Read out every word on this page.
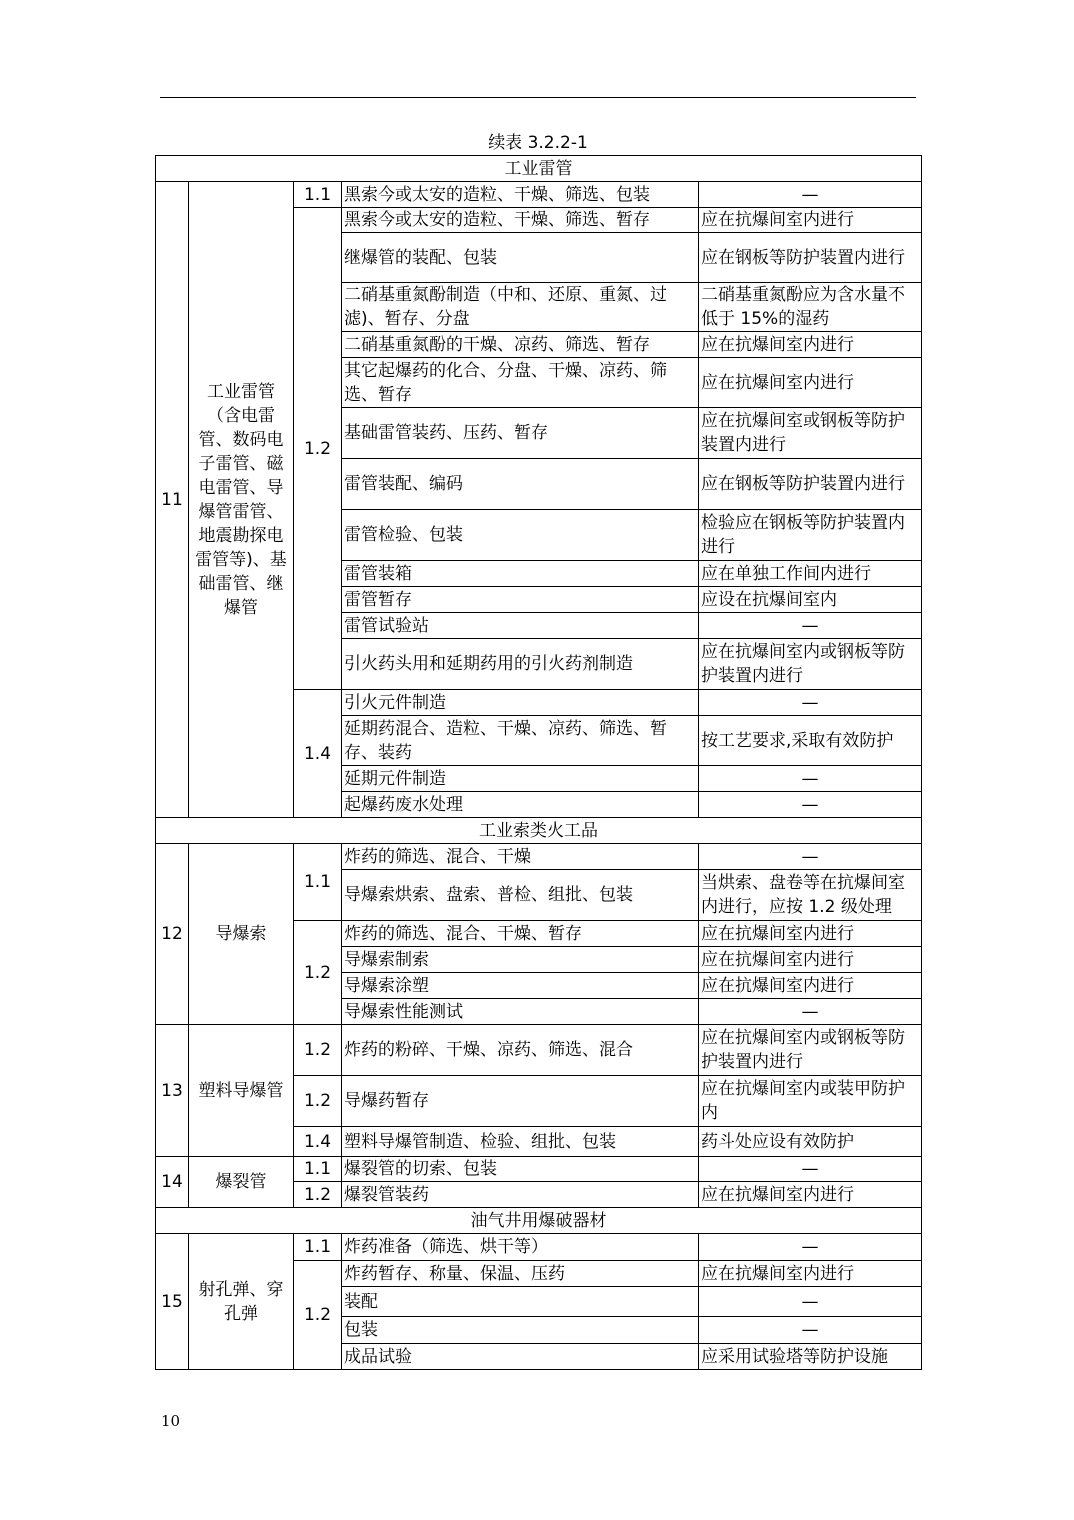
续表 3.2.2-1
工业雷管				
11	工业雷管（含电雷管、数码电子雷管、磁电雷管、导爆管雷管、地震勘探电雷管等)、基础雷管、继爆管	1.1	黑索今或太安的造粒、干燥、筛选、包装	—
		1.2	黑索今或太安的造粒、干燥、筛选、暂存	应在抗爆间室内进行
			继爆管的装配、包装	应在钢板等防护装置内进行
			二硝基重氮酚制造（中和、还原、重氮、过滤)、暂存、分盘	二硝基重氮酚应为含水量不低于 15%的湿药
			二硝基重氮酚的干燥、凉药、筛选、暂存	应在抗爆间室内进行
			其它起爆药的化合、分盘、干燥、凉药、筛选、暂存	应在抗爆间室内进行
			基础雷管装药、压药、暂存	应在抗爆间室或钢板等防护装置内进行
			雷管装配、编码	应在钢板等防护装置内进行
			雷管检验、包装	检验应在钢板等防护装置内进行
			雷管装箱	应在单独工作间内进行
			雷管暂存	应设在抗爆间室内
			雷管试验站	—
			引火药头用和延期药用的引火药剂制造	应在抗爆间室内或钢板等防护装置内进行
		1.4	引火元件制造	—
			延期药混合、造粒、干燥、凉药、筛选、暂存、装药	按工艺要求,采取有效防护
			延期元件制造	—
			起爆药废水处理	—
工业索类火工品				
12	导爆索	1.1	炸药的筛选、混合、干燥	—
			导爆索烘索、盘索、普检、组批、包装	当烘索、盘卷等在抗爆间室内进行，应按 1.2 级处理
		1.2	炸药的筛选、混合、干燥、暂存	应在抗爆间室内进行
			导爆索制索	应在抗爆间室内进行
			导爆索涂塑	应在抗爆间室内进行
			导爆索性能测试	—
13	塑料导爆管	1.2	炸药的粉碎、干燥、凉药、筛选、混合	应在抗爆间室内或钢板等防护装置内进行
		1.2	导爆药暂存	应在抗爆间室内或装甲防护内
		1.4	塑料导爆管制造、检验、组批、包装	药斗处应设有效防护
14	爆裂管	1.1	爆裂管的切索、包装	—
		1.2	爆裂管装药	应在抗爆间室内进行
油气井用爆破器材				
15	射孔弹、穿孔弹	1.1	炸药准备（筛选、烘干等）	—
		1.2	炸药暂存、称量、保温、压药	应在抗爆间室内进行
			装配	—
			包装	—
			成品试验	应采用试验塔等防护设施
10
